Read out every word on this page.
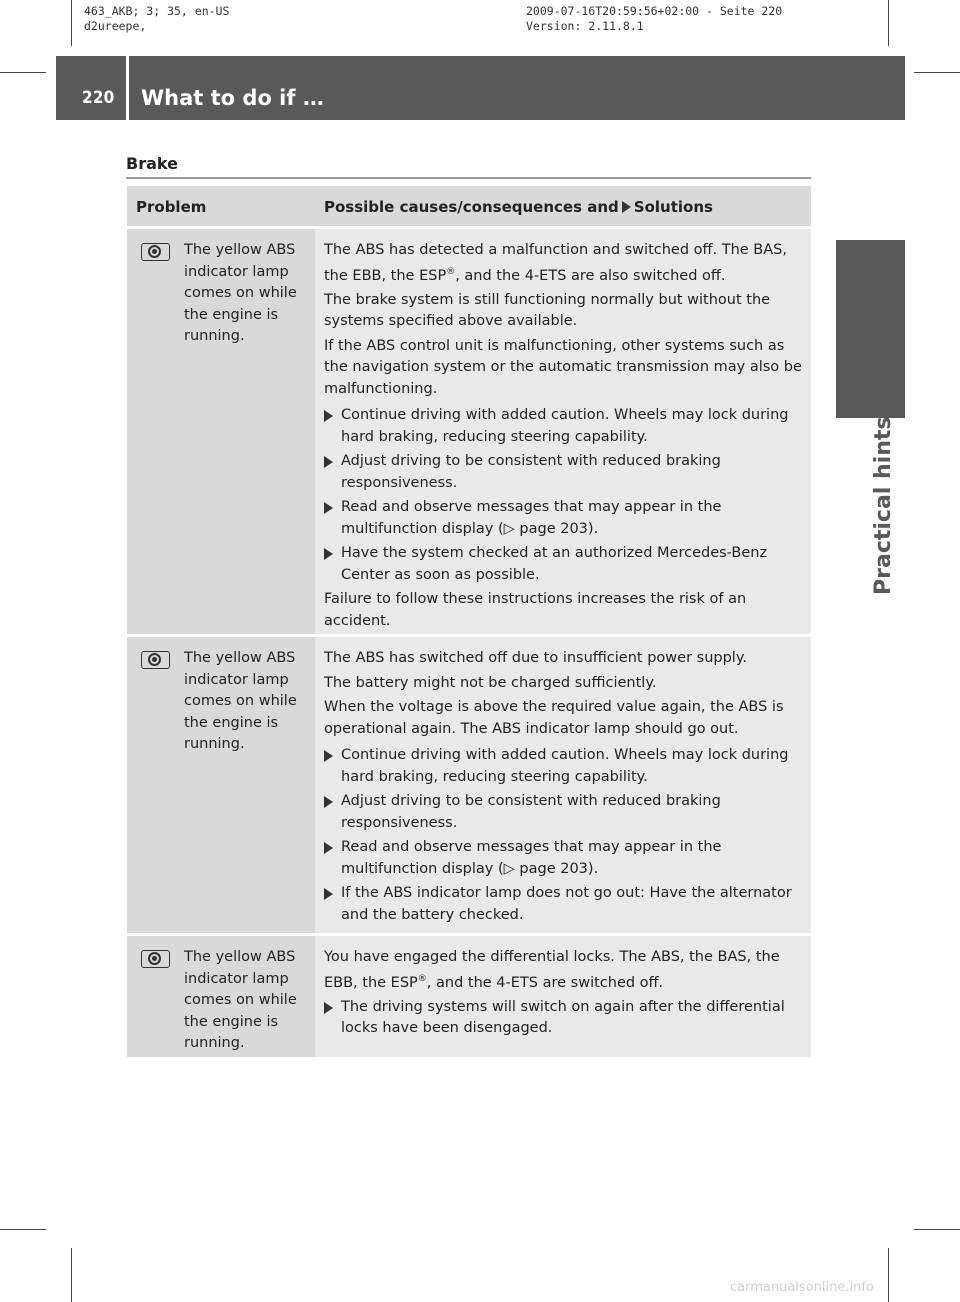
463_AKB; 3; 35, en-US
d2ureepe,
2009-07-16T20:59:56+02:00 - Seite 220
Version: 2.11.8.1
220 What to do if …
Practical hints
Brake
Problem	Possible causes/consequences and Solutions
The yellow ABS indicator lamp comes on while the engine is running.

The ABS has detected a malfunction and switched off. The BAS, the EBB, the ESP®, and the 4-ETS are also switched off.

The brake system is still functioning normally but without the systems specified above available.

If the ABS control unit is malfunctioning, other systems such as the navigation system or the automatic transmission may also be malfunctioning.

Continue driving with added caution. Wheels may lock during hard braking, reducing steering capability.
Adjust driving to be consistent with reduced braking responsiveness.
Read and observe messages that may appear in the multifunction display (▷ page 203).
Have the system checked at an authorized Mercedes-Benz Center as soon as possible.

Failure to follow these instructions increases the risk of an accident.

The yellow ABS indicator lamp comes on while the engine is running.

The ABS has switched off due to insufficient power supply.

The battery might not be charged sufficiently.

When the voltage is above the required value again, the ABS is operational again. The ABS indicator lamp should go out.

Continue driving with added caution. Wheels may lock during hard braking, reducing steering capability.
Adjust driving to be consistent with reduced braking responsiveness.
Read and observe messages that may appear in the multifunction display (▷ page 203).
If the ABS indicator lamp does not go out: Have the alternator and the battery checked.
The yellow ABS indicator lamp comes on while the engine is running.

You have engaged the differential locks. The ABS, the BAS, the EBB, the ESP®, and the 4-ETS are switched off.

The driving systems will switch on again after the differential locks have been disengaged.
carmanualsonline.info
